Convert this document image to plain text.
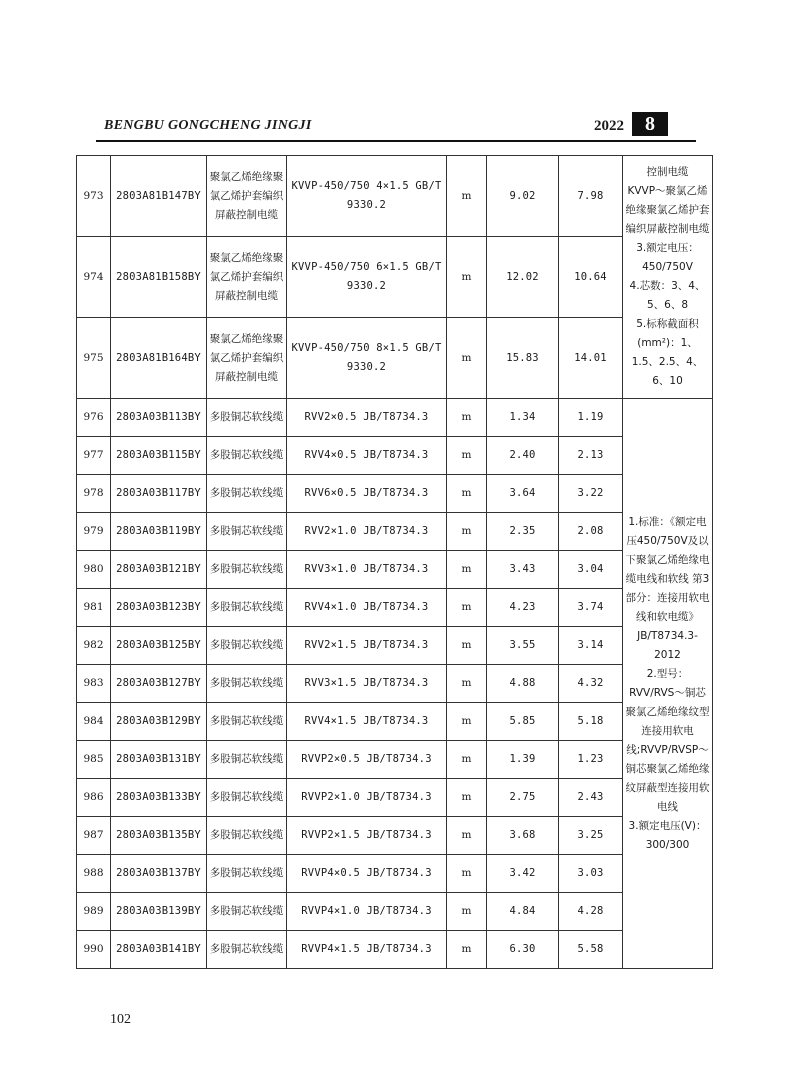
BENGBU GONGCHENG JINGJI	2022	8
973	2803A81B147BY	聚氯乙烯绝缘聚氯乙烯护套编织屏蔽控制电缆	KVVP-450/750 4×1.5 GB/T 9330.2	m	9.02	7.98	控制电缆
KVVP～聚氯乙烯绝缘聚氯乙烯护套编织屏蔽控制电缆
3.额定电压：450/750V
4.芯数：3、4、5、6、8
5.标称截面积(mm²)：1、1.5、2.5、4、6、10
974	2803A81B158BY	聚氯乙烯绝缘聚氯乙烯护套编织屏蔽控制电缆	KVVP-450/750 6×1.5 GB/T 9330.2	m	12.02	10.64	
975	2803A81B164BY	聚氯乙烯绝缘聚氯乙烯护套编织屏蔽控制电缆	KVVP-450/750 8×1.5 GB/T 9330.2	m	15.83	14.01	
976	2803A03B113BY	多股铜芯软线缆	RVV2×0.5 JB/T8734.3	m	1.34	1.19	1.标准：《额定电压450/750V及以下聚氯乙烯绝缘电缆电线和软线 第3部分：连接用软电线和软电缆》JB/T8734.3-2012
2.型号：RVV/RVS～铜芯聚氯乙烯绝缘纹型连接用软电线;RVVP/RVSP～铜芯聚氯乙烯绝缘纹屏蔽型连接用软电线
3.额定电压(V)：300/300
977	2803A03B115BY	多股铜芯软线缆	RVV4×0.5 JB/T8734.3	m	2.40	2.13	
978	2803A03B117BY	多股铜芯软线缆	RVV6×0.5 JB/T8734.3	m	3.64	3.22	
979	2803A03B119BY	多股铜芯软线缆	RVV2×1.0 JB/T8734.3	m	2.35	2.08	
980	2803A03B121BY	多股铜芯软线缆	RVV3×1.0 JB/T8734.3	m	3.43	3.04	
981	2803A03B123BY	多股铜芯软线缆	RVV4×1.0 JB/T8734.3	m	4.23	3.74	
982	2803A03B125BY	多股铜芯软线缆	RVV2×1.5 JB/T8734.3	m	3.55	3.14	
983	2803A03B127BY	多股铜芯软线缆	RVV3×1.5 JB/T8734.3	m	4.88	4.32	
984	2803A03B129BY	多股铜芯软线缆	RVV4×1.5 JB/T8734.3	m	5.85	5.18	
985	2803A03B131BY	多股铜芯软线缆	RVVP2×0.5 JB/T8734.3	m	1.39	1.23	
986	2803A03B133BY	多股铜芯软线缆	RVVP2×1.0 JB/T8734.3	m	2.75	2.43	
987	2803A03B135BY	多股铜芯软线缆	RVVP2×1.5 JB/T8734.3	m	3.68	3.25	
988	2803A03B137BY	多股铜芯软线缆	RVVP4×0.5 JB/T8734.3	m	3.42	3.03	
989	2803A03B139BY	多股铜芯软线缆	RVVP4×1.0 JB/T8734.3	m	4.84	4.28	
990	2803A03B141BY	多股铜芯软线缆	RVVP4×1.5 JB/T8734.3	m	6.30	5.58	
102
